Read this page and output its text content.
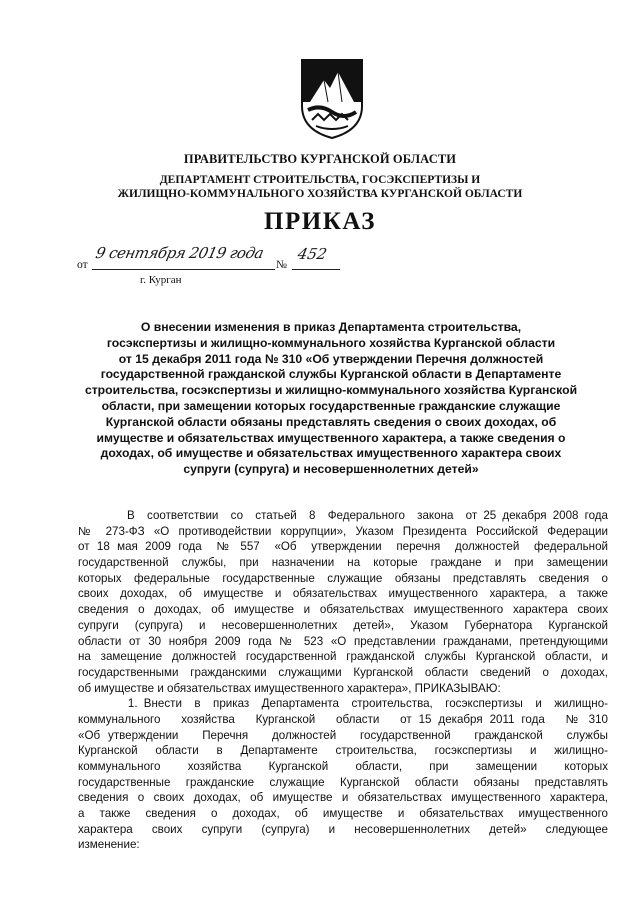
ПРАВИТЕЛЬСТВО КУРГАНСКОЙ ОБЛАСТИ
ДЕПАРТАМЕНТ СТРОИТЕЛЬСТВА, ГОСЭКСПЕРТИЗЫ И
ЖИЛИЩНО-КОММУНАЛЬНОГО ХОЗЯЙСТВА КУРГАНСКОЙ ОБЛАСТИ
ПРИКАЗ
от
9 сентября 2019 года
№
452
г. Курган
О внесении изменения в приказ Департамента строительства,
госэкспертизы и жилищно-коммунального хозяйства Курганской области
от 15 декабря 2011 года № 310 «Об утверждении Перечня должностей
государственной гражданской службы Курганской области в Департаменте
строительства, госэкспертизы и жилищно-коммунального хозяйства Курганской
области, при замещении которых государственные гражданские служащие
Курганской области обязаны представлять сведения о своих доходах, об
имуществе и обязательствах имущественного характера, а также сведения о
доходах, об имуществе и обязательствах имущественного характера своих
супруги (супруга) и несовершеннолетних детей»
В  соответствии  со  статьей  8  Федерального  закона  от 25 декабря 2008 года
№ 273-ФЗ «О противодействии коррупции», Указом Президента Российской Федерации
от 18 мая 2009 года  № 557  «Об  утверждении  перечня  должностей  федеральной
государственной службы, при назначении на которые граждане и при замещении
которых федеральные государственные служащие обязаны представлять сведения о
своих доходах, об имуществе и обязательствах имущественного характера, а также
сведения о доходах, об имуществе и обязательствах имущественного характера своих
супруги  (супруга)  и  несовершеннолетних  детей»,  Указом  Губернатора  Курганской
области от 30 ноября 2009 года № 523 «О представлении гражданами, претендующими
на замещение должностей государственной гражданской службы Курганской области, и
государственными гражданскими служащими Курганской области сведений о доходах,
об имуществе и обязательствах имущественного характера», ПРИКАЗЫВАЮ:
1. Внести  в  приказ  Департамента  строительства,  госэкспертизы  и  жилищно-
коммунального   хозяйства   Курганской   области   от 15 декабря 2011 года   № 310
«Об утверждении   Перечня   должностей   государственной   гражданской   службы
Курганской  области  в  Департаменте  строительства,  госэкспертизы  и  жилищно-
коммунального   хозяйства   Курганской   области,   при   замещении   которых
государственные гражданские служащие Курганской области обязаны представлять
сведения о своих доходах, об имуществе и обязательствах имущественного характера,
а  также  сведения  о  доходах,  об  имуществе  и  обязательствах  имущественного
характера   своих   супруги   (супруга)   и   несовершеннолетних   детей»   следующее
изменение:
